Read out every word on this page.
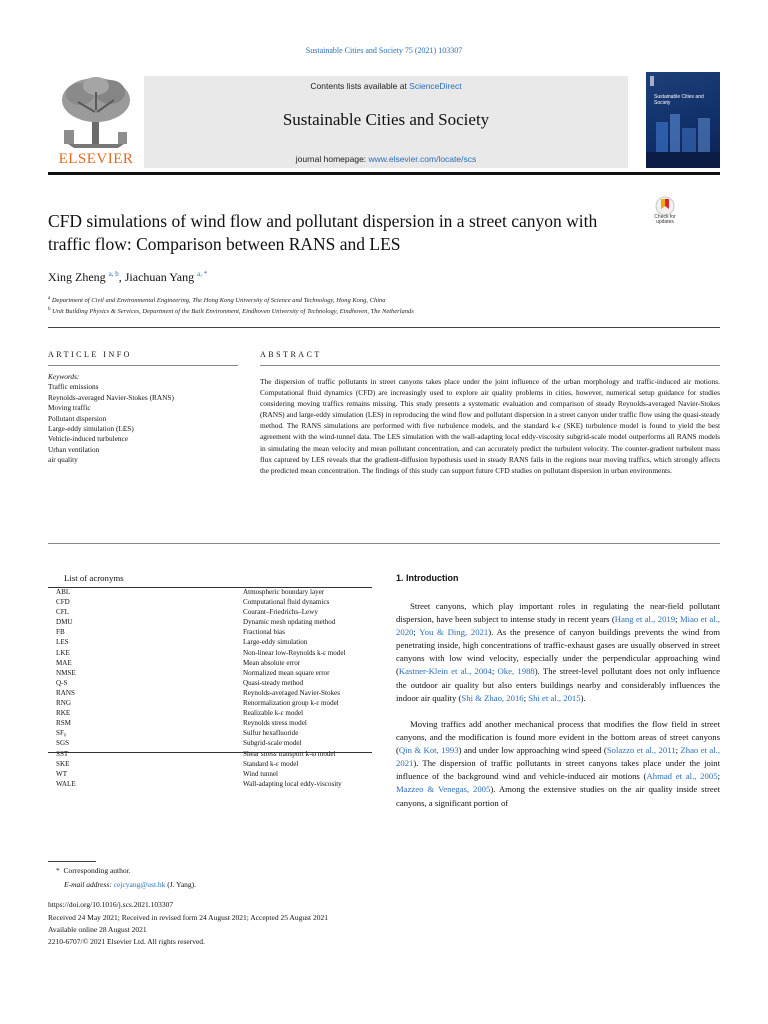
Sustainable Cities and Society 75 (2021) 103307
ELSEVIER
Contents lists available at ScienceDirect
Sustainable Cities and Society
journal homepage: www.elsevier.com/locate/scs
Sustainable Cities and Society
CFD simulations of wind flow and pollutant dispersion in a street canyon with traffic flow: Comparison between RANS and LES
Check for
updates
Xing Zheng $^{a, b}$, Jiachuan Yang $^{a, *}$
$^a$ Department of Civil and Environmental Engineering, The Hong Kong University of Science and Technology, Hong Kong, China
$^b$ Unit Building Physics & Services, Department of the Built Environment, Eindhoven University of Technology, Eindhoven, The Netherlands
ARTICLE INFO
Keywords:
Traffic emissions
Reynolds-averaged Navier-Stokes (RANS)
Moving traffic
Pollutant dispersion
Large-eddy simulation (LES)
Vehicle-induced turbulence
Urban ventilation
air quality
ABSTRACT
The dispersion of traffic pollutants in street canyons takes place under the joint influence of the urban morphology and traffic-induced air motions. Computational fluid dynamics (CFD) are increasingly used to explore air quality problems in cities, however, numerical setup guidance for studies considering moving traffics remains missing. This study presents a systematic evaluation and comparison of steady Reynolds-averaged Navier-Stokes (RANS) and large-eddy simulation (LES) in reproducing the wind flow and pollutant dispersion in a street canyon under traffic flow using the quasi-steady method. The RANS simulations are performed with five turbulence models, and the standard k-ε (SKE) turbulence model is found to yield the best agreement with the wind-tunnel data. The LES simulation with the wall-adapting local eddy-viscosity subgrid-scale model outperforms all RANS models in simulating the mean velocity and mean pollutant concentration, and can accurately predict the turbulent velocity. The counter-gradient turbulent mass flux captured by LES reveals that the gradient-diffusion hypothesis used in steady RANS fails in the regions near moving traffics, which strongly affects the predicted mean concentration. The findings of this study can support future CFD studies on pollutant dispersion in urban environments.
List of acronyms
ABL	Atmospheric boundary layer
CFD	Computational fluid dynamics
CFL	Courant–Friedrichs–Lewy
DMU	Dynamic mesh updating method
FB	Fractional bias
LES	Large-eddy simulation
LKE	Non-linear low-Reynolds k-ε model
MAE	Mean absolute error
NMSE	Normalized mean square error
Q-S	Quasi-steady method
RANS	Reynolds-averaged Navier-Stokes
RNG	Renormalization group k-ε model
RKE	Realizable k-ε model
RSM	Reynolds stress model
SF₆	Sulfur hexafluoride
SGS	Subgrid-scale model
SST	Shear stress transport k-ω model
SKE	Standard k-ε model
WT	Wind tunnel
WALE	Wall-adapting local eddy-viscosity
1. Introduction
Street canyons, which play important roles in regulating the near-field pollutant dispersion, have been subject to intense study in recent years (Hang et al., 2019; Miao et al., 2020; You & Ding, 2021). As the presence of canyon buildings prevents the wind from penetrating inside, high concentrations of traffic-exhaust gases are usually observed in street canyons with low wind velocity, especially under the perpendicular approaching wind (Kastner-Klein et al., 2004; Oke, 1988). The street-level pollutant does not only influence the outdoor air quality but also enters buildings nearby and considerably influences the indoor air quality (Shi & Zhao, 2016; Shi et al., 2015).
Moving traffics add another mechanical process that modifies the flow field in street canyons, and the modification is found more evident in the bottom areas of street canyons (Qin & Kot, 1993) and under low approaching wind speed (Solazzo et al., 2011; Zhao et al., 2021). The dispersion of traffic pollutants in street canyons takes place under the joint influence of the background wind and vehicle-induced air motions (Ahmad et al., 2005; Mazzeo & Venegas, 2005). Among the extensive studies on the air quality inside street canyons, a significant portion of
* Corresponding author.
E-mail address: cejcyang@ust.hk (J. Yang).
https://doi.org/10.1016/j.scs.2021.103307
Received 24 May 2021; Received in revised form 24 August 2021; Accepted 25 August 2021
Available online 28 August 2021
2210-6707/© 2021 Elsevier Ltd. All rights reserved.
